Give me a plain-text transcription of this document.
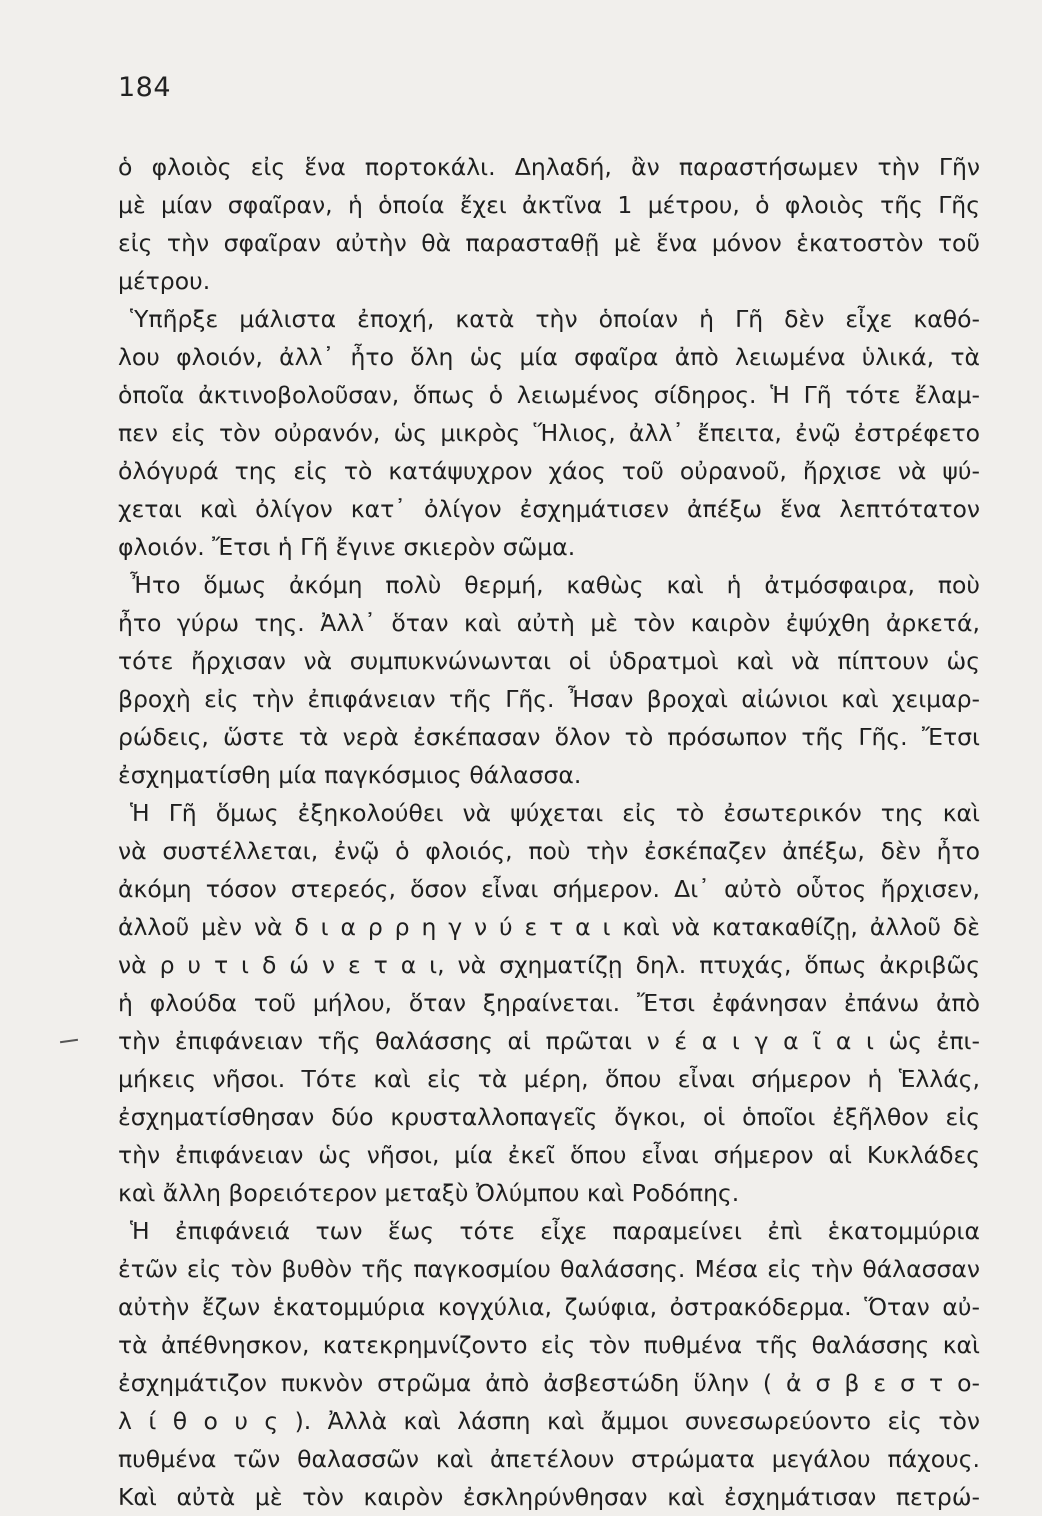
184
ὁ φλοιὸς εἰς ἕνα πορτοκάλι. Δηλαδή, ἂν παραστήσωμεν τὴν Γῆν
μὲ μίαν σφαῖραν, ἡ ὁποία ἔχει ἀκτῖνα 1 μέτρου, ὁ φλοιὸς τῆς Γῆς
εἰς τὴν σφαῖραν αὐτὴν θὰ παρασταθῇ μὲ ἕνα μόνον ἑκατοστὸν τοῦ
μέτρου.
Ὑπῆρξε μάλιστα ἐποχή, κατὰ τὴν ὁποίαν ἡ Γῆ δὲν εἶχε καθό-
λου φλοιόν, ἀλλ᾿ ἦτο ὅλη ὡς μία σφαῖρα ἀπὸ λειωμένα ὑλικά, τὰ
ὁποῖα ἀκτινοβολοῦσαν, ὅπως ὁ λειωμένος σίδηρος. Ἡ Γῆ τότε ἔλαμ-
πεν εἰς τὸν οὐρανόν, ὡς μικρὸς Ἥλιος, ἀλλ᾿ ἔπειτα, ἐνῷ ἐστρέφετο
ὀλόγυρά της εἰς τὸ κατάψυχρον χάος τοῦ οὐρανοῦ, ἤρχισε νὰ ψύ-
χεται καὶ ὀλίγον κατ᾿ ὀλίγον ἐσχημάτισεν ἀπέξω ἕνα λεπτότατον
φλοιόν. Ἔτσι ἡ Γῆ ἔγινε σκιερὸν σῶμα.
Ἦτο ὅμως ἀκόμη πολὺ θερμή, καθὼς καὶ ἡ ἀτμόσφαιρα, ποὺ
ἦτο γύρω της. Ἀλλ᾿ ὅταν καὶ αὐτὴ μὲ τὸν καιρὸν ἐψύχθη ἀρκετά,
τότε ἤρχισαν νὰ συμπυκνώνωνται οἱ ὑδρατμοὶ καὶ νὰ πίπτουν ὡς
βροχὴ εἰς τὴν ἐπιφάνειαν τῆς Γῆς. Ἦσαν βροχαὶ αἰώνιοι καὶ χειμαρ-
ρώδεις, ὥστε τὰ νερὰ ἐσκέπασαν ὅλον τὸ πρόσωπον τῆς Γῆς. Ἔτσι
ἐσχηματίσθη μία παγκόσμιος θάλασσα.
Ἡ Γῆ ὅμως ἐξηκολούθει νὰ ψύχεται εἰς τὸ ἐσωτερικόν της καὶ
νὰ συστέλλεται, ἐνῷ ὁ φλοιός, ποὺ τὴν ἐσκέπαζεν ἀπέξω, δὲν ἦτο
ἀκόμη τόσον στερεός, ὅσον εἶναι σήμερον. Δι᾿ αὐτὸ οὗτος ἤρχισεν,
ἀλλοῦ μὲν νὰ δ ι α ρ ρ η γ ν ύ ε τ α ι καὶ νὰ κατακαθίζῃ, ἀλλοῦ δὲ
νὰ ρ υ τ ι δ ώ ν ε τ α ι, νὰ σχηματίζῃ δηλ. πτυχάς, ὅπως ἀκριβῶς
ἡ φλούδα τοῦ μήλου, ὅταν ξηραίνεται. Ἔτσι ἐφάνησαν ἐπάνω ἀπὸ
τὴν ἐπιφάνειαν τῆς θαλάσσης αἱ πρῶται ν έ α ι γ α ῖ α ι ὡς ἐπι-
μήκεις νῆσοι. Τότε καὶ εἰς τὰ μέρη, ὅπου εἶναι σήμερον ἡ Ἑλλάς,
ἐσχηματίσθησαν δύο κρυσταλλοπαγεῖς ὄγκοι, οἱ ὁποῖοι ἐξῆλθον εἰς
τὴν ἐπιφάνειαν ὡς νῆσοι, μία ἐκεῖ ὅπου εἶναι σήμερον αἱ Κυκλάδες
καὶ ἄλλη βορειότερον μεταξὺ Ὀλύμπου καὶ Ροδόπης.
Ἡ ἐπιφάνειά των ἕως τότε εἶχε παραμείνει ἐπὶ ἑκατομμύρια
ἐτῶν εἰς τὸν βυθὸν τῆς παγκοσμίου θαλάσσης. Μέσα εἰς τὴν θάλασσαν
αὐτὴν ἔζων ἑκατομμύρια κογχύλια, ζωύφια, ὀστρακόδερμα. Ὅταν αὐ-
τὰ ἀπέθνησκον, κατεκρημνίζοντο εἰς τὸν πυθμένα τῆς θαλάσσης καὶ
ἐσχημάτιζον πυκνὸν στρῶμα ἀπὸ ἀσβεστώδη ὕλην ( ἀ σ β ε σ τ ο-
λ ί θ ο υ ς ). Ἀλλὰ καὶ λάσπη καὶ ἄμμοι συνεσωρεύοντο εἰς τὸν
πυθμένα τῶν θαλασσῶν καὶ ἀπετέλουν στρώματα μεγάλου πάχους.
Καὶ αὐτὰ μὲ τὸν καιρὸν ἐσκληρύνθησαν καὶ ἐσχημάτισαν πετρώ-
